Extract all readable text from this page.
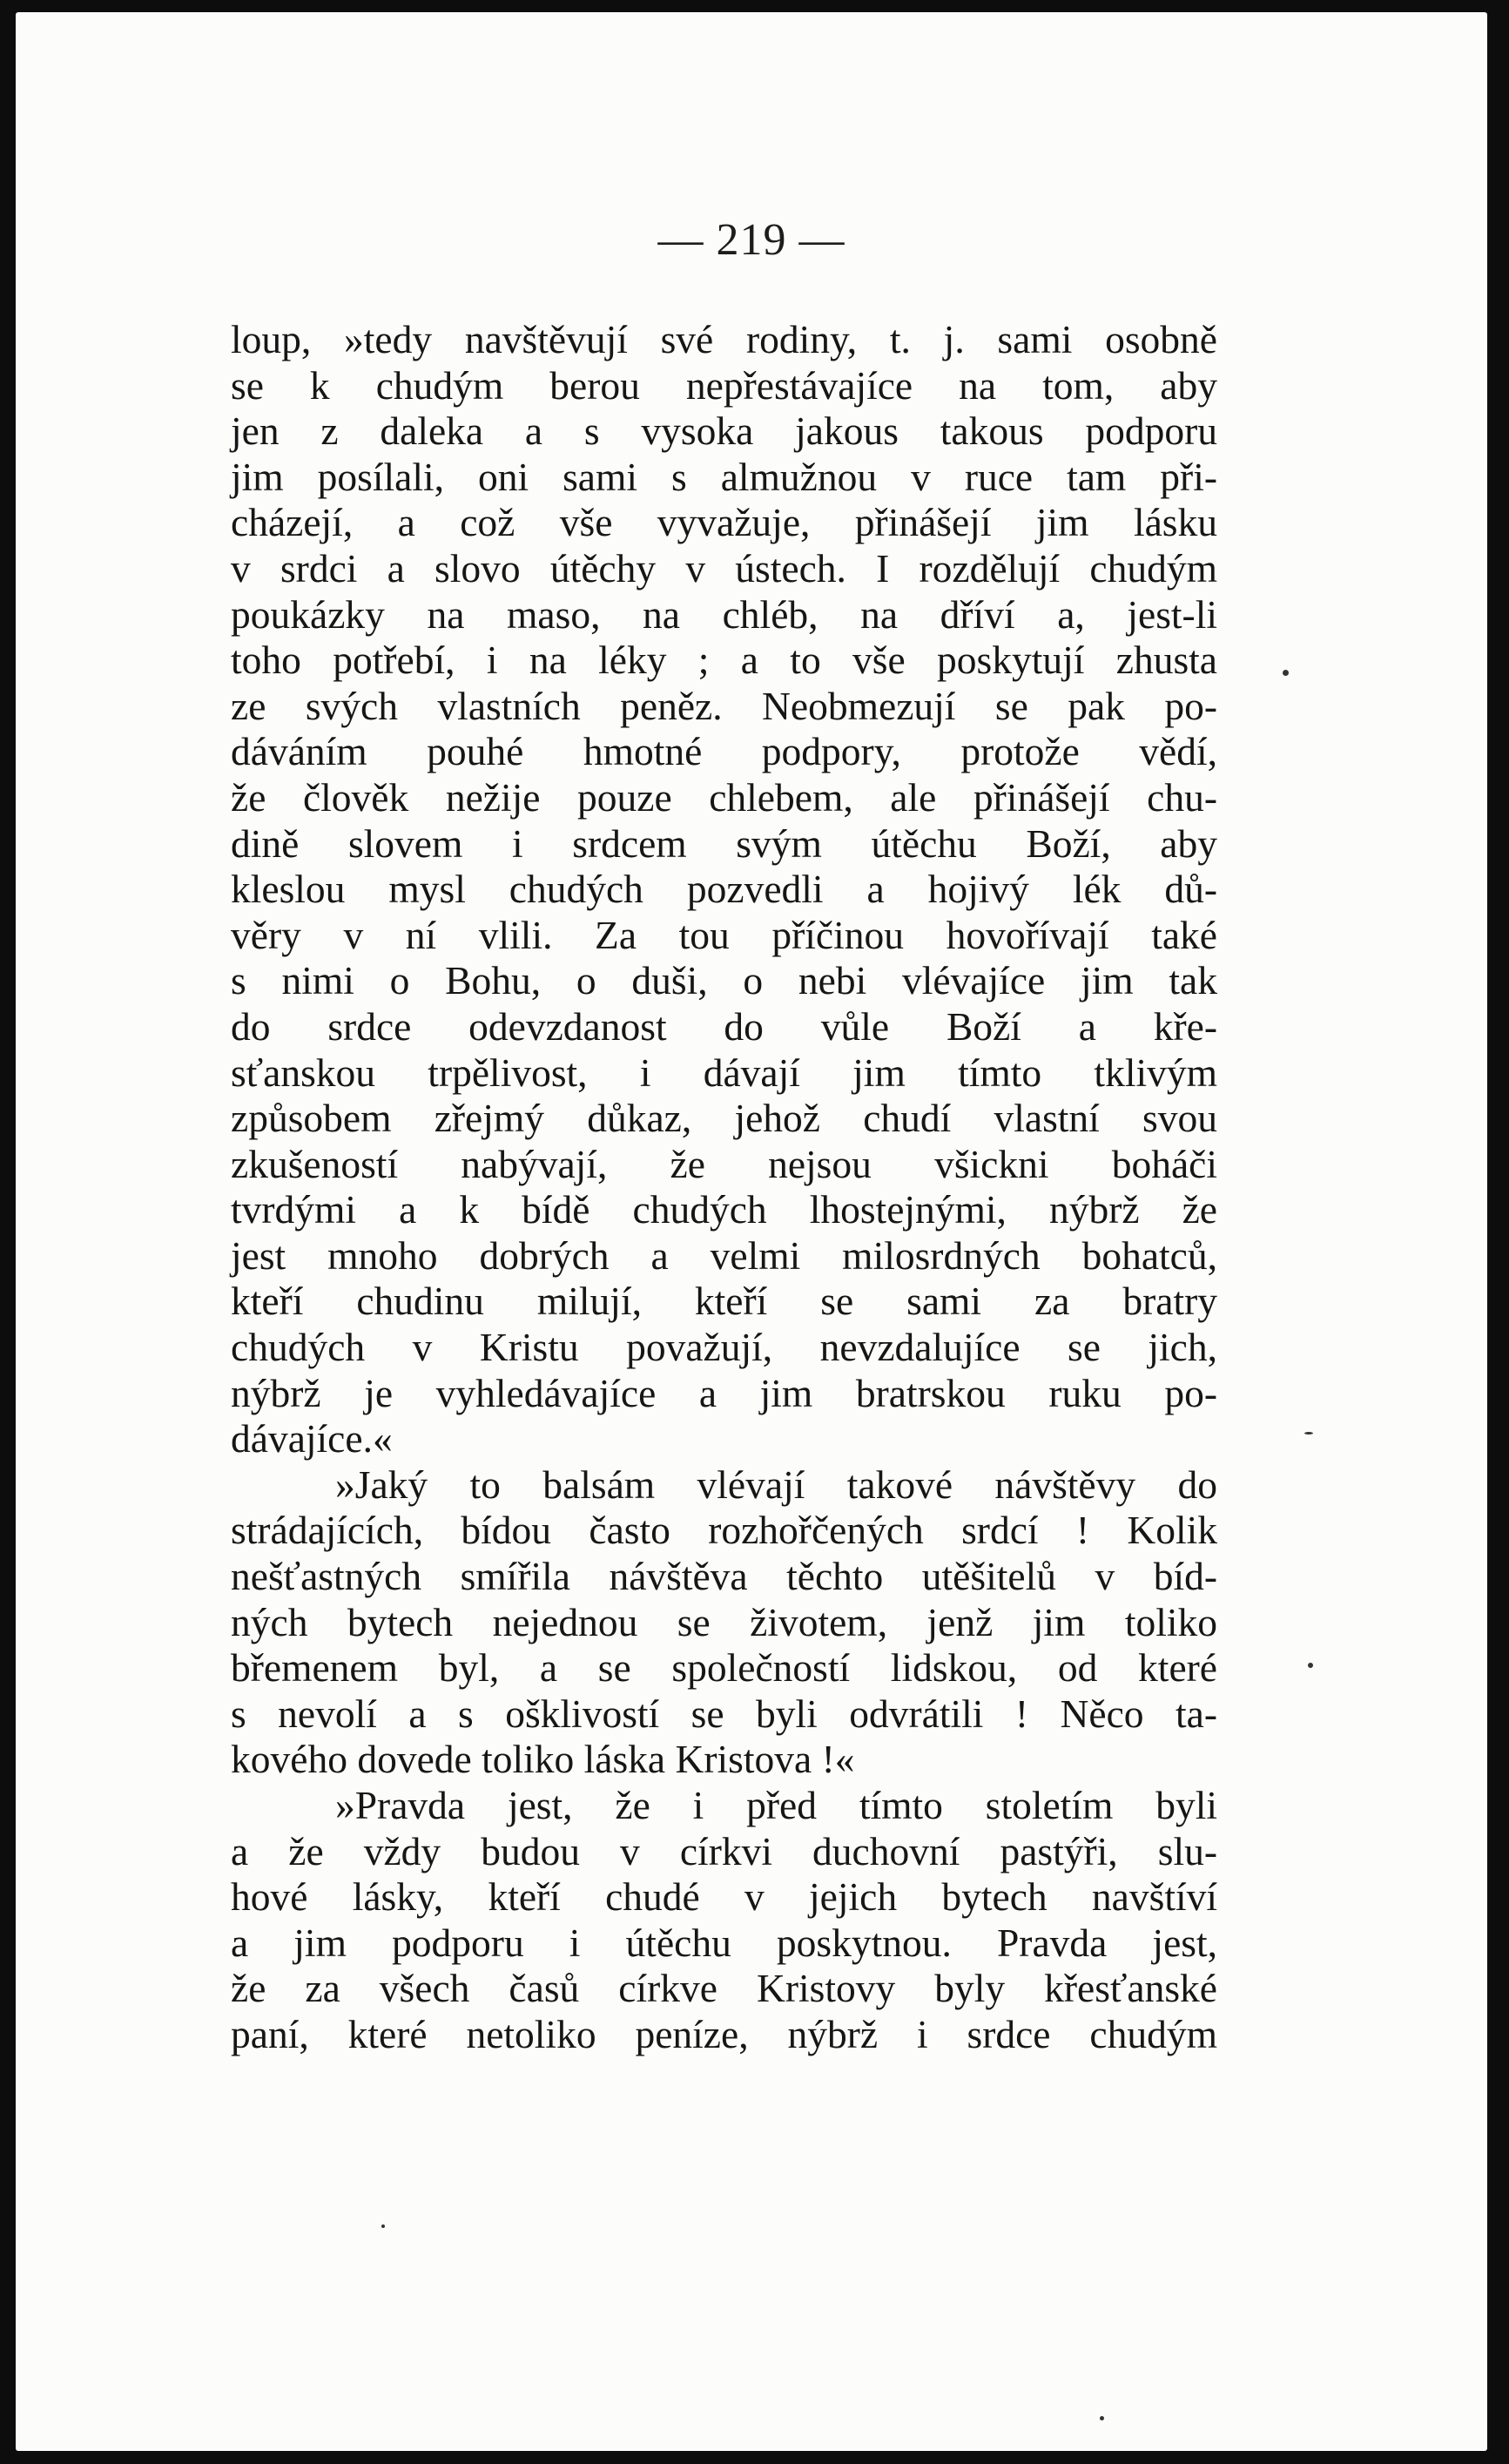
— 219 —
loup, »tedy navštěvují své rodiny, t. j. sami osobně
se k chudým berou nepřestávajíce na tom, aby
jen z daleka a s vysoka jakous takous podporu
jim posílali, oni sami s almužnou v ruce tam při-
cházejí, a což vše vyvažuje, přinášejí jim lásku
v srdci a slovo útěchy v ústech. I rozdělují chudým
poukázky na maso, na chléb, na dříví a, jest-li
toho potřebí, i na léky ; a to vše poskytují zhusta
ze svých vlastních peněz. Neobmezují se pak po-
dáváním pouhé hmotné podpory, protože vědí,
že člověk nežije pouze chlebem, ale přinášejí chu-
dině slovem i srdcem svým útěchu Boží, aby
kleslou mysl chudých pozvedli a hojivý lék dů-
věry v ní vlili. Za tou příčinou hovořívají také
s nimi o Bohu, o duši, o nebi vlévajíce jim tak
do srdce odevzdanost do vůle Boží a kře-
sťanskou trpělivost, i dávají jim tímto tklivým
způsobem zřejmý důkaz, jehož chudí vlastní svou
zkušeností nabývají, že nejsou všickni boháči
tvrdými a k bídě chudých lhostejnými, nýbrž že
jest mnoho dobrých a velmi milosrdných bohatců,
kteří chudinu milují, kteří se sami za bratry
chudých v Kristu považují, nevzdalujíce se jich,
nýbrž je vyhledávajíce a jim bratrskou ruku po-
dávajíce.«
»Jaký to balsám vlévají takové návštěvy do
strádajících, bídou často rozhořčených srdcí ! Kolik
nešťastných smířila návštěva těchto utěšitelů v bíd-
ných bytech nejednou se životem, jenž jim toliko
břemenem byl, a se společností lidskou, od které
s nevolí a s ošklivostí se byli odvrátili ! Něco ta-
kového dovede toliko láska Kristova !«
»Pravda jest, že i před tímto stoletím byli
a že vždy budou v církvi duchovní pastýři, slu-
hové lásky, kteří chudé v jejich bytech navštíví
a jim podporu i útěchu poskytnou. Pravda jest,
že za všech časů církve Kristovy byly křesťanské
paní, které netoliko peníze, nýbrž i srdce chudým
